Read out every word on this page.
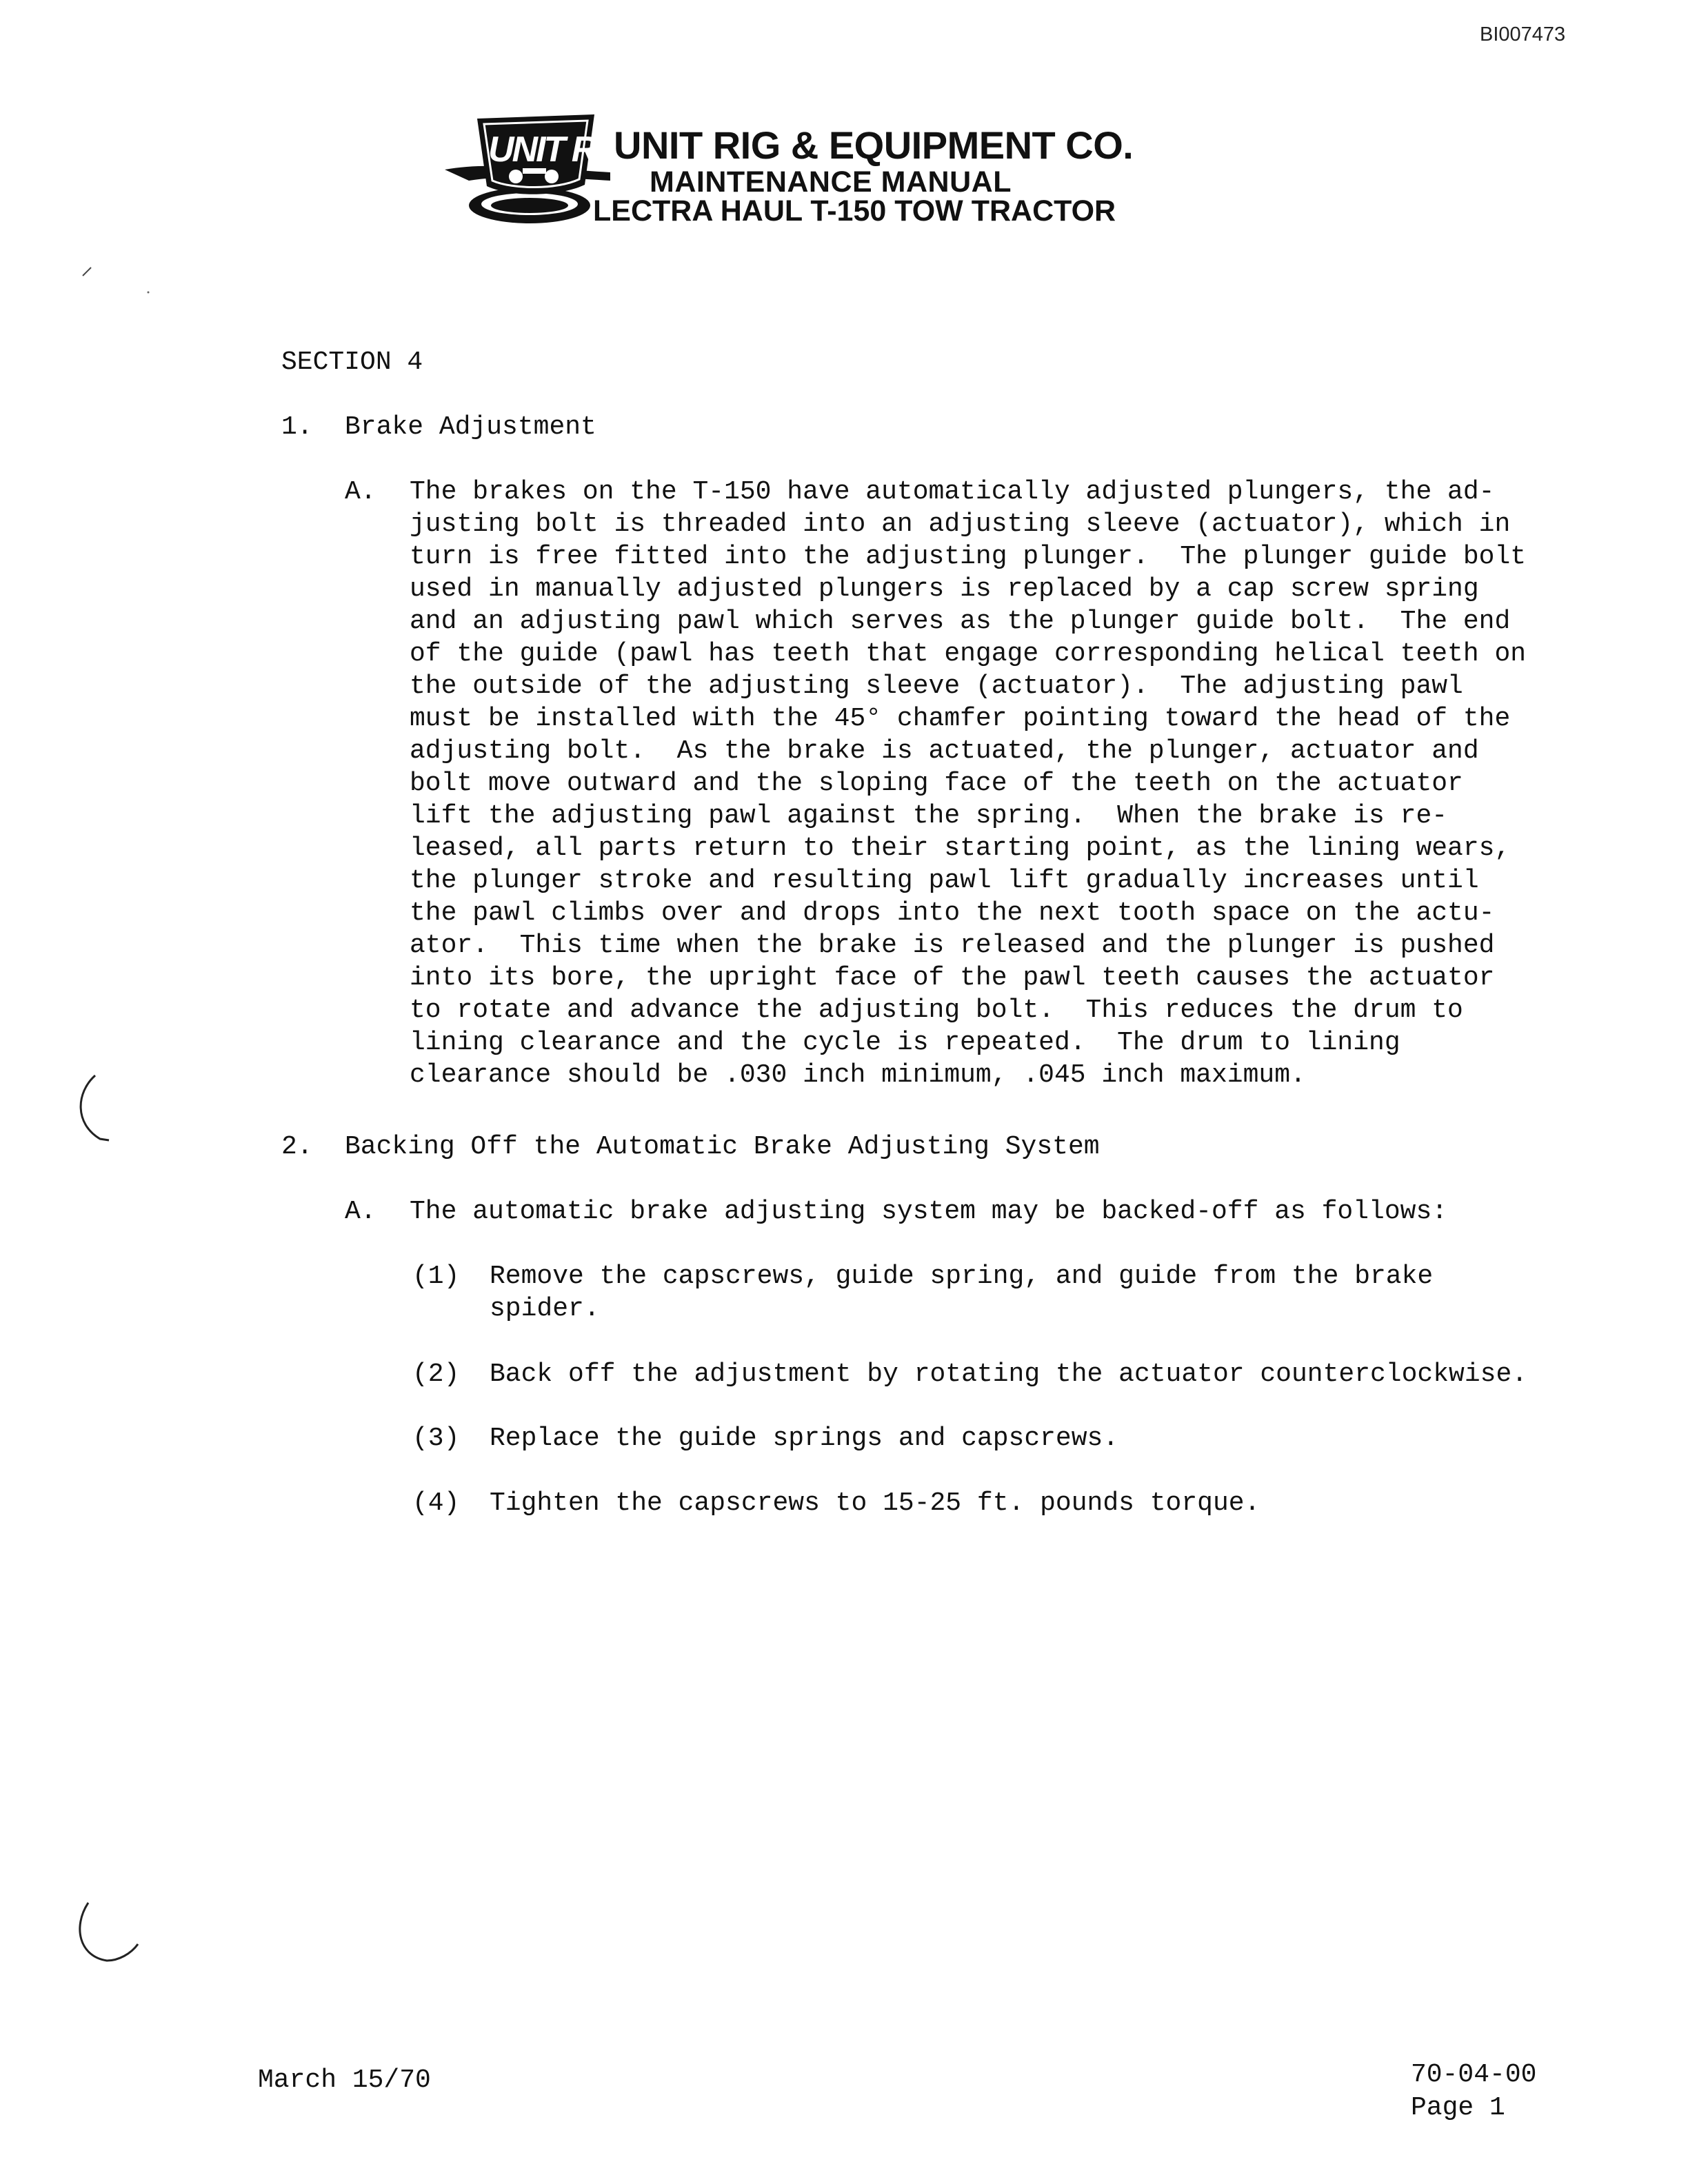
BI007473
UNIT RIG
UNIT RIG & EQUIPMENT CO.
MAINTENANCE MANUAL
LECTRA HAUL T-150 TOW TRACTOR
SECTION 4
1. Brake Adjustment
A. The brakes on the T-150 have automatically adjusted plungers, the ad-
justing bolt is threaded into an adjusting sleeve (actuator), which in
turn is free fitted into the adjusting plunger.  The plunger guide bolt
used in manually adjusted plungers is replaced by a cap screw spring
and an adjusting pawl which serves as the plunger guide bolt.  The end
of the guide (pawl has teeth that engage corresponding helical teeth on
the outside of the adjusting sleeve (actuator).  The adjusting pawl
must be installed with the 45° chamfer pointing toward the head of the
adjusting bolt.  As the brake is actuated, the plunger, actuator and
bolt move outward and the sloping face of the teeth on the actuator
lift the adjusting pawl against the spring.  When the brake is re-
leased, all parts return to their starting point, as the lining wears,
the plunger stroke and resulting pawl lift gradually increases until
the pawl climbs over and drops into the next tooth space on the actu-
ator.  This time when the brake is released and the plunger is pushed
into its bore, the upright face of the pawl teeth causes the actuator
to rotate and advance the adjusting bolt.  This reduces the drum to
lining clearance and the cycle is repeated.  The drum to lining
clearance should be .030 inch minimum, .045 inch maximum.
2. Backing Off the Automatic Brake Adjusting System
A. The automatic brake adjusting system may be backed-off as follows:
(1) Remove the capscrews, guide spring, and guide from the brake
spider.
(2) Back off the adjustment by rotating the actuator counterclockwise.
(3) Replace the guide springs and capscrews.
(4) Tighten the capscrews to 15-25 ft. pounds torque.
March 15/70	70-04-00
Page 1
